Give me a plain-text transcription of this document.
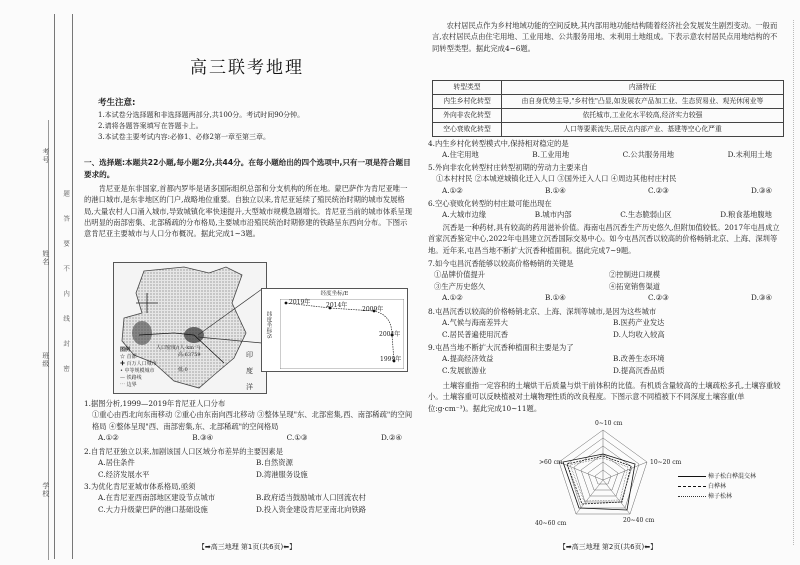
考号
姓名
班级
学校
题
答
要
不
内
线
封
密
高三联考地理
考生注意:

1.本试卷分选择题和非选择题两部分,共100分。考试时间90分钟。

2.请将各题答案填写在答题卡上。

3.本试卷主要考试内容:必修1、必修2第一章至第三章。

一、选择题:本题共22小题,每小题2分,共44分。在每小题给出的四个选项中,只有一项是符合题目要求的。

肯尼亚是东非国家,首都内罗毕是诸多国际组织总部和分支机构的所在地。蒙巴萨作为肯尼亚唯一的港口城市,是东非地区的门户,战略地位重要。自独立以来,肯尼亚延续了殖民统治时期的城市发展格局,大量农村人口涌入城市,导致城镇化率快速提升,大型城市规模急剧增长。肯尼亚当前的城市体系呈现出明显的南部密集、北部稀疏的分布格局,主要城市沿殖民统治时期修建的铁路呈东西向分布。下图示意肯尼亚主要城市与人口分布概况。据此完成1~3题。

图例
☆ 首都
✚ 百万人口城市
• 中等规模城市
— 铁路线
⋯ 边界
人口密度/(人·km⁻²)
高:63759
低:0
印
度
洋
经度坐标/E
纬度坐标/S
2019年	2014年
2009年
2004年
1999年
1.据图分析,1999—2019年肯尼亚人口分布
①重心由西北向东南移动 ②重心由东南向西北移动 ③整体呈现"东、北部密集,西、南部稀疏"的空间格局 ④整体呈现"西、南部密集,东、北部稀疏"的空间格局
A.①②	B.③④	C.①③	D.②④
2.自肯尼亚独立以来,加剧该国人口区域分布差异的主要因素是
A.居住条件	B.自然资源
C.经济发展水平	D.湾港服务设施
3.为优化肯尼亚城市体系格局,亟须
A.在肯尼亚西南部地区建设节点城市	B.政府适当鼓励城市人口回流农村
C.大力升级蒙巴萨的港口基础设施	D.投入资金建设肯尼亚南北向铁路
【➡高三地理 第1页(共6页)⬅】

农村居民点作为乡村地域功能的空间反映,其内部用地功能结构随着经济社会发展发生剧烈变动。一般而言,农村居民点由住宅用地、工业用地、公共服务用地、未利用土地组成。下表示意农村居民点用地结构的不同转型类型。据此完成4~6题。

转型类型	内涵特征
内生乡村化转型	由自身优势主导,"乡村性"凸显,如发展农产品加工业、生态贸易业、观光休闲业等
外向非农化转型	依托城市,工业化水平较高,经济实力较强
空心衰败化转型	人口等要素流失,居民点内部产业、基建等空心化严重
4.内生乡村化转型模式中,保持相对稳定的是
A.住宅用地	B.工业用地	C.公共服务用地	D.未利用土地
5.外向非农化转型村庄转型初期的劳动力主要来自
①本村村民 ②本城逆城镇化迁入人口 ③国外迁入人口 ④周边其他村庄村民
A.①②	B.①④	C.②③	D.③④
6.空心衰败化转型的村庄最可能出现在
A.大城市边缘	B.城市内部	C.生态脆弱山区	D.粮食基地腹地

沉香是一种药材,具有较高的药用滋补价值。海南屯昌沉香生产历史悠久,但附加值较低。2017年屯昌成立首家沉香鉴定中心,2022年屯昌建立沉香国际交易中心。如今屯昌沉香以较高的价格畅销北京、上海、深圳等地。近年来,屯昌当地不断扩大沉香种植面积。据此完成7~9题。

7.如今屯昌沉香能够以较高价格畅销的关键是
①品牌价值提升	②控制进口规模
③生产历史悠久	④拓宽销售渠道
A.①②	B.①④	C.②③	D.③④
8.屯昌沉香以较高的价格畅销北京、上海、深圳等城市,是因为这些城市
A.气候与海南差异大	B.医药产业发达
C.居民普遍使用沉香	D.人均收入较高
9.屯昌当地不断扩大沉香种植面积主要是为了
A.提高经济效益	B.改善生态环境
C.发展旅游业	D.提高沉香品质

土壤容重指一定容积的土壤烘干后质量与烘干前体积的比值。有机质含量较高的土壤疏松多孔,土壤容重较小。土壤容重可以反映植被对土壤物理性质的改良程度。下图示意不同植被下不同深度土壤容重(单位:g·cm⁻³)。据此完成10~11题。

0~10 cm
10~20 cm
20~40 cm
40~60 cm
>60 cm
樟子松白桦混交林
白桦林
樟子松林
【➡高三地理 第2页(共6页)⬅】
